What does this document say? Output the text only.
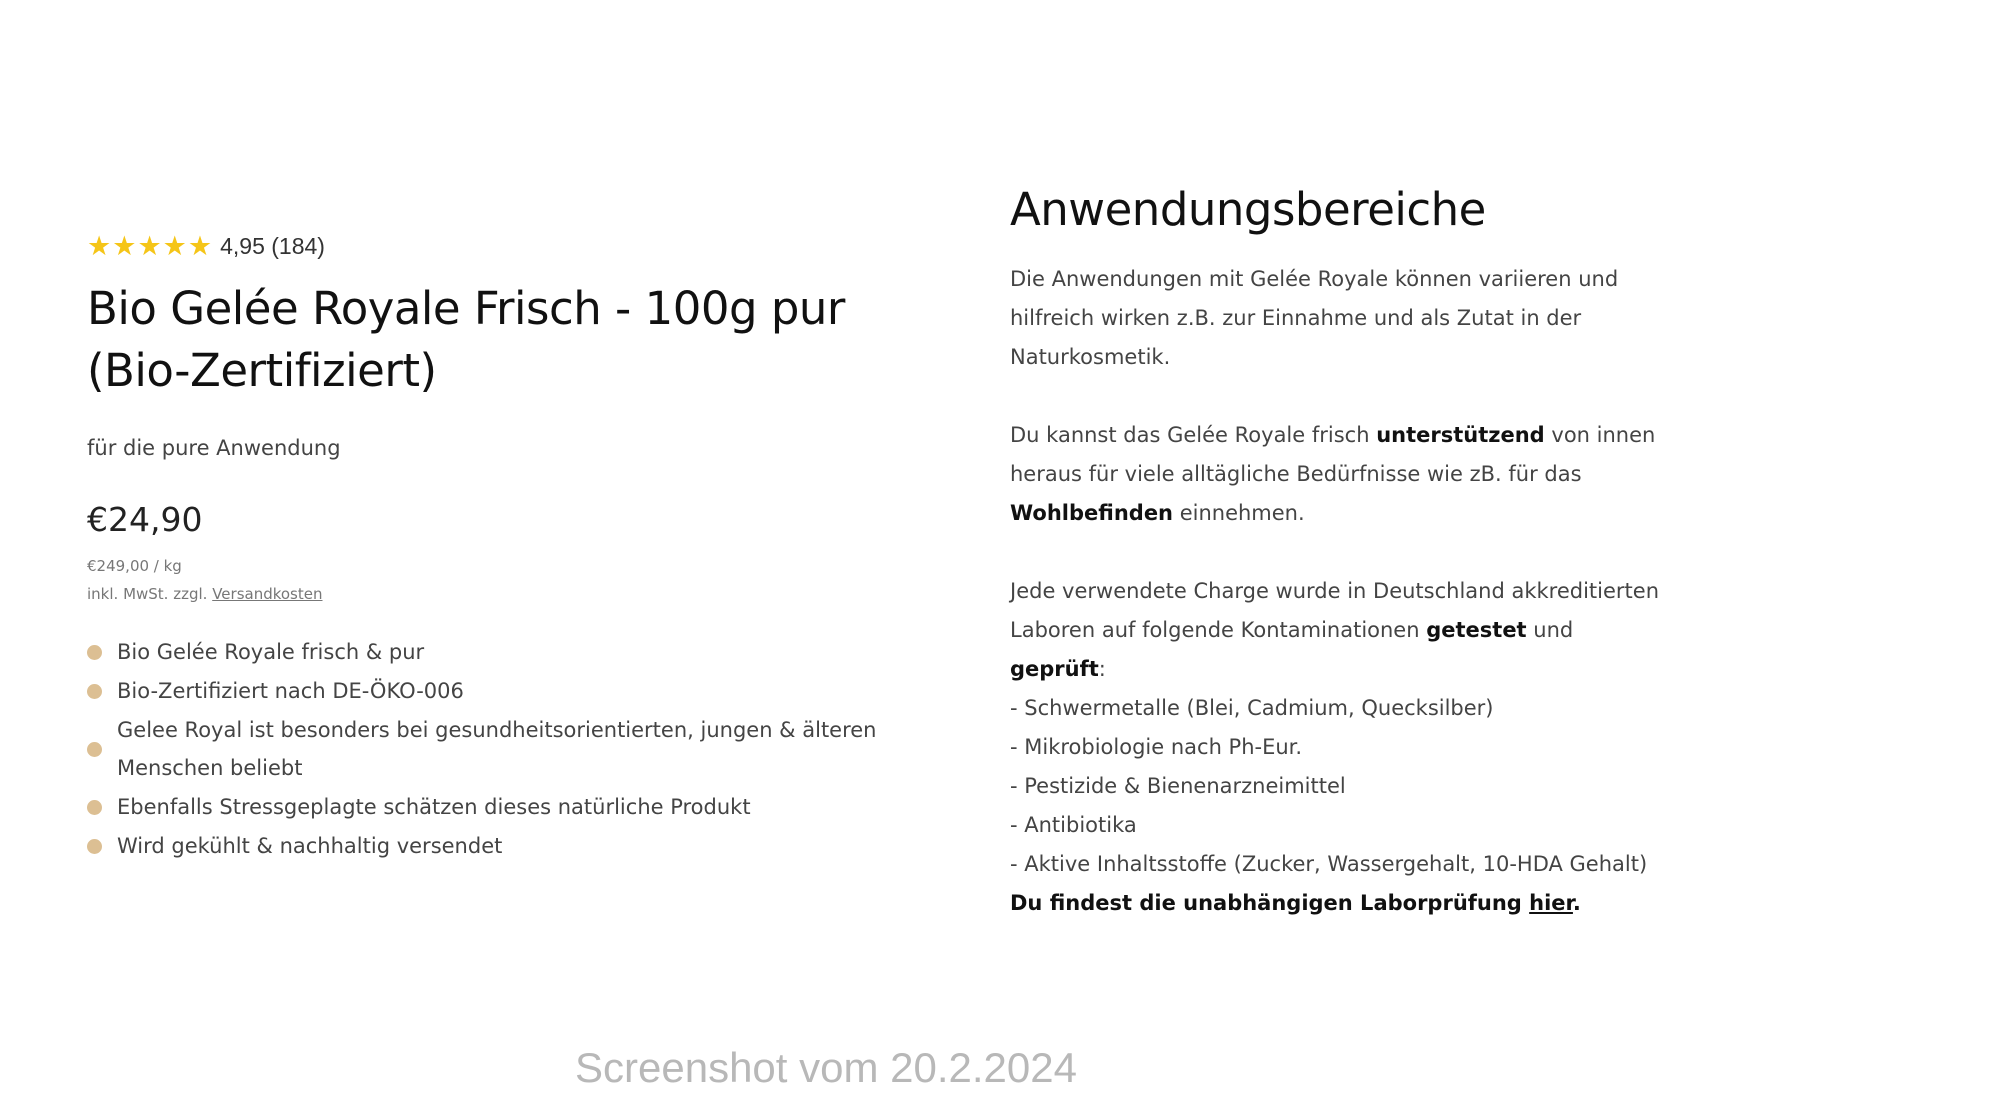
★ ★ ★ ★ ★ 4,95
(184)
Bio Gelée Royale Frisch - 100g pur
(Bio-Zertifiziert)
für die pure Anwendung
€24,90
€249,00 / kg
inkl. MwSt. zzgl. Versandkosten
Bio Gelée Royale frisch & pur
Bio-Zertifiziert nach DE-ÖKO-006
Gelee Royal ist besonders bei gesundheitsorientierten, jungen & älteren Menschen beliebt
Ebenfalls Stressgeplagte schätzen dieses natürliche Produkt
Wird gekühlt & nachhaltig versendet
Anwendungsbereiche

Die Anwendungen mit Gelée Royale können variieren und hilfreich wirken z.B. zur Einnahme und als Zutat in der Naturkosmetik.

Du kannst das Gelée Royale frisch unterstützend von innen heraus für viele alltägliche Bedürfnisse wie zB. für das Wohlbefinden einnehmen.

Jede verwendete Charge wurde in Deutschland akkreditierten Laboren auf folgende Kontaminationen getestet und geprüft:

- Schwermetalle (Blei, Cadmium, Quecksilber)

- Mikrobiologie nach Ph-Eur.

- Pestizide & Bienenarzneimittel

- Antibiotika

- Aktive Inhaltsstoffe (Zucker, Wassergehalt, 10-HDA Gehalt)

Du findest die unabhängigen Laborprüfung hier.

Screenshot vom 20.2.2024
